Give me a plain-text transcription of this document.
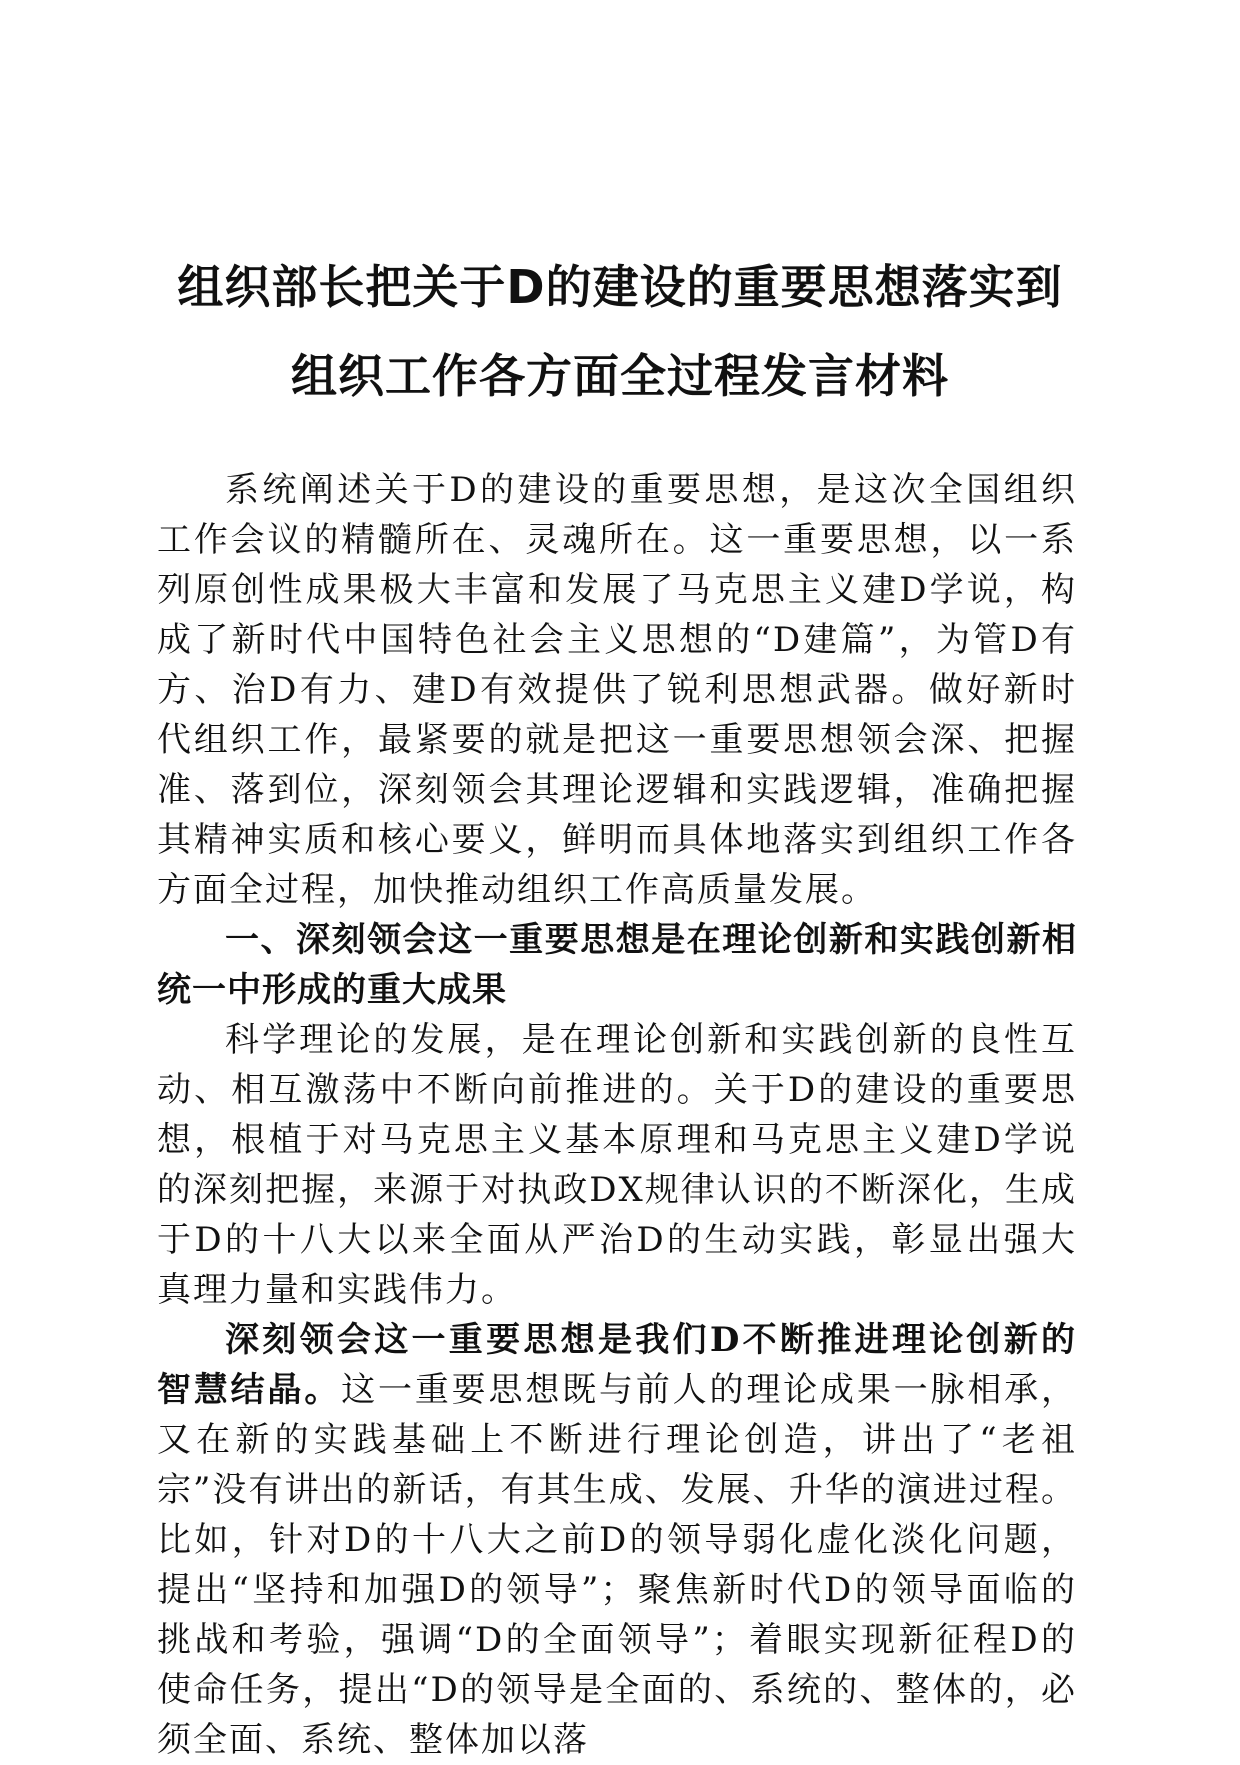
组织部长把关于D的建设的重要思想落实到
组织工作各方面全过程发言材料

系统阐述关于D的建设的重要思想，是这次全国组织工作会议的精髓所在、灵魂所在。这一重要思想，以一系列原创性成果极大丰富和发展了马克思主义建D学说，构成了新时代中国特色社会主义思想的“D建篇”，为管D有方、治D有力、建D有效提供了锐利思想武器。做好新时代组织工作，最紧要的就是把这一重要思想领会深、把握准、落到位，深刻领会其理论逻辑和实践逻辑，准确把握其精神实质和核心要义，鲜明而具体地落实到组织工作各方面全过程，加快推动组织工作高质量发展。

一、深刻领会这一重要思想是在理论创新和实践创新相统一中形成的重大成果

科学理论的发展，是在理论创新和实践创新的良性互动、相互激荡中不断向前推进的。关于D的建设的重要思想，根植于对马克思主义基本原理和马克思主义建D学说的深刻把握，来源于对执政DX规律认识的不断深化，生成于D的十八大以来全面从严治D的生动实践，彰显出强大真理力量和实践伟力。

深刻领会这一重要思想是我们D不断推进理论创新的智慧结晶。这一重要思想既与前人的理论成果一脉相承，又在新的实践基础上不断进行理论创造，讲出了“老祖宗”没有讲出的新话，有其生成、发展、升华的演进过程。比如，针对D的十八大之前D的领导弱化虚化淡化问题，提出“坚持和加强D的领导”；聚焦新时代D的领导面临的挑战和考验，强调“D的全面领导”；着眼实现新征程D的使命任务，提出“D的领导是全面的、系统的、整体的，必须全面、系统、整体加以落
